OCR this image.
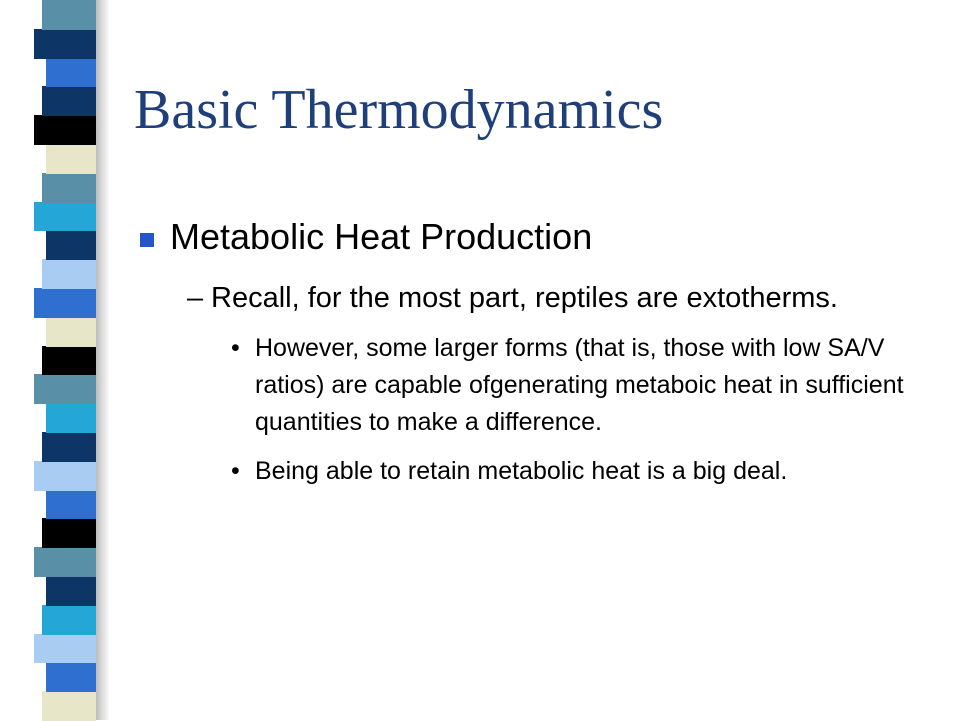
Basic Thermodynamics
Metabolic Heat Production
– Recall, for the most part, reptiles are extotherms.
• However, some larger forms (that is, those with low SA/V ratios) are capable ofgenerating metaboic heat in sufficient quantities to make a difference.
• Being able to retain metabolic heat is a big deal.
